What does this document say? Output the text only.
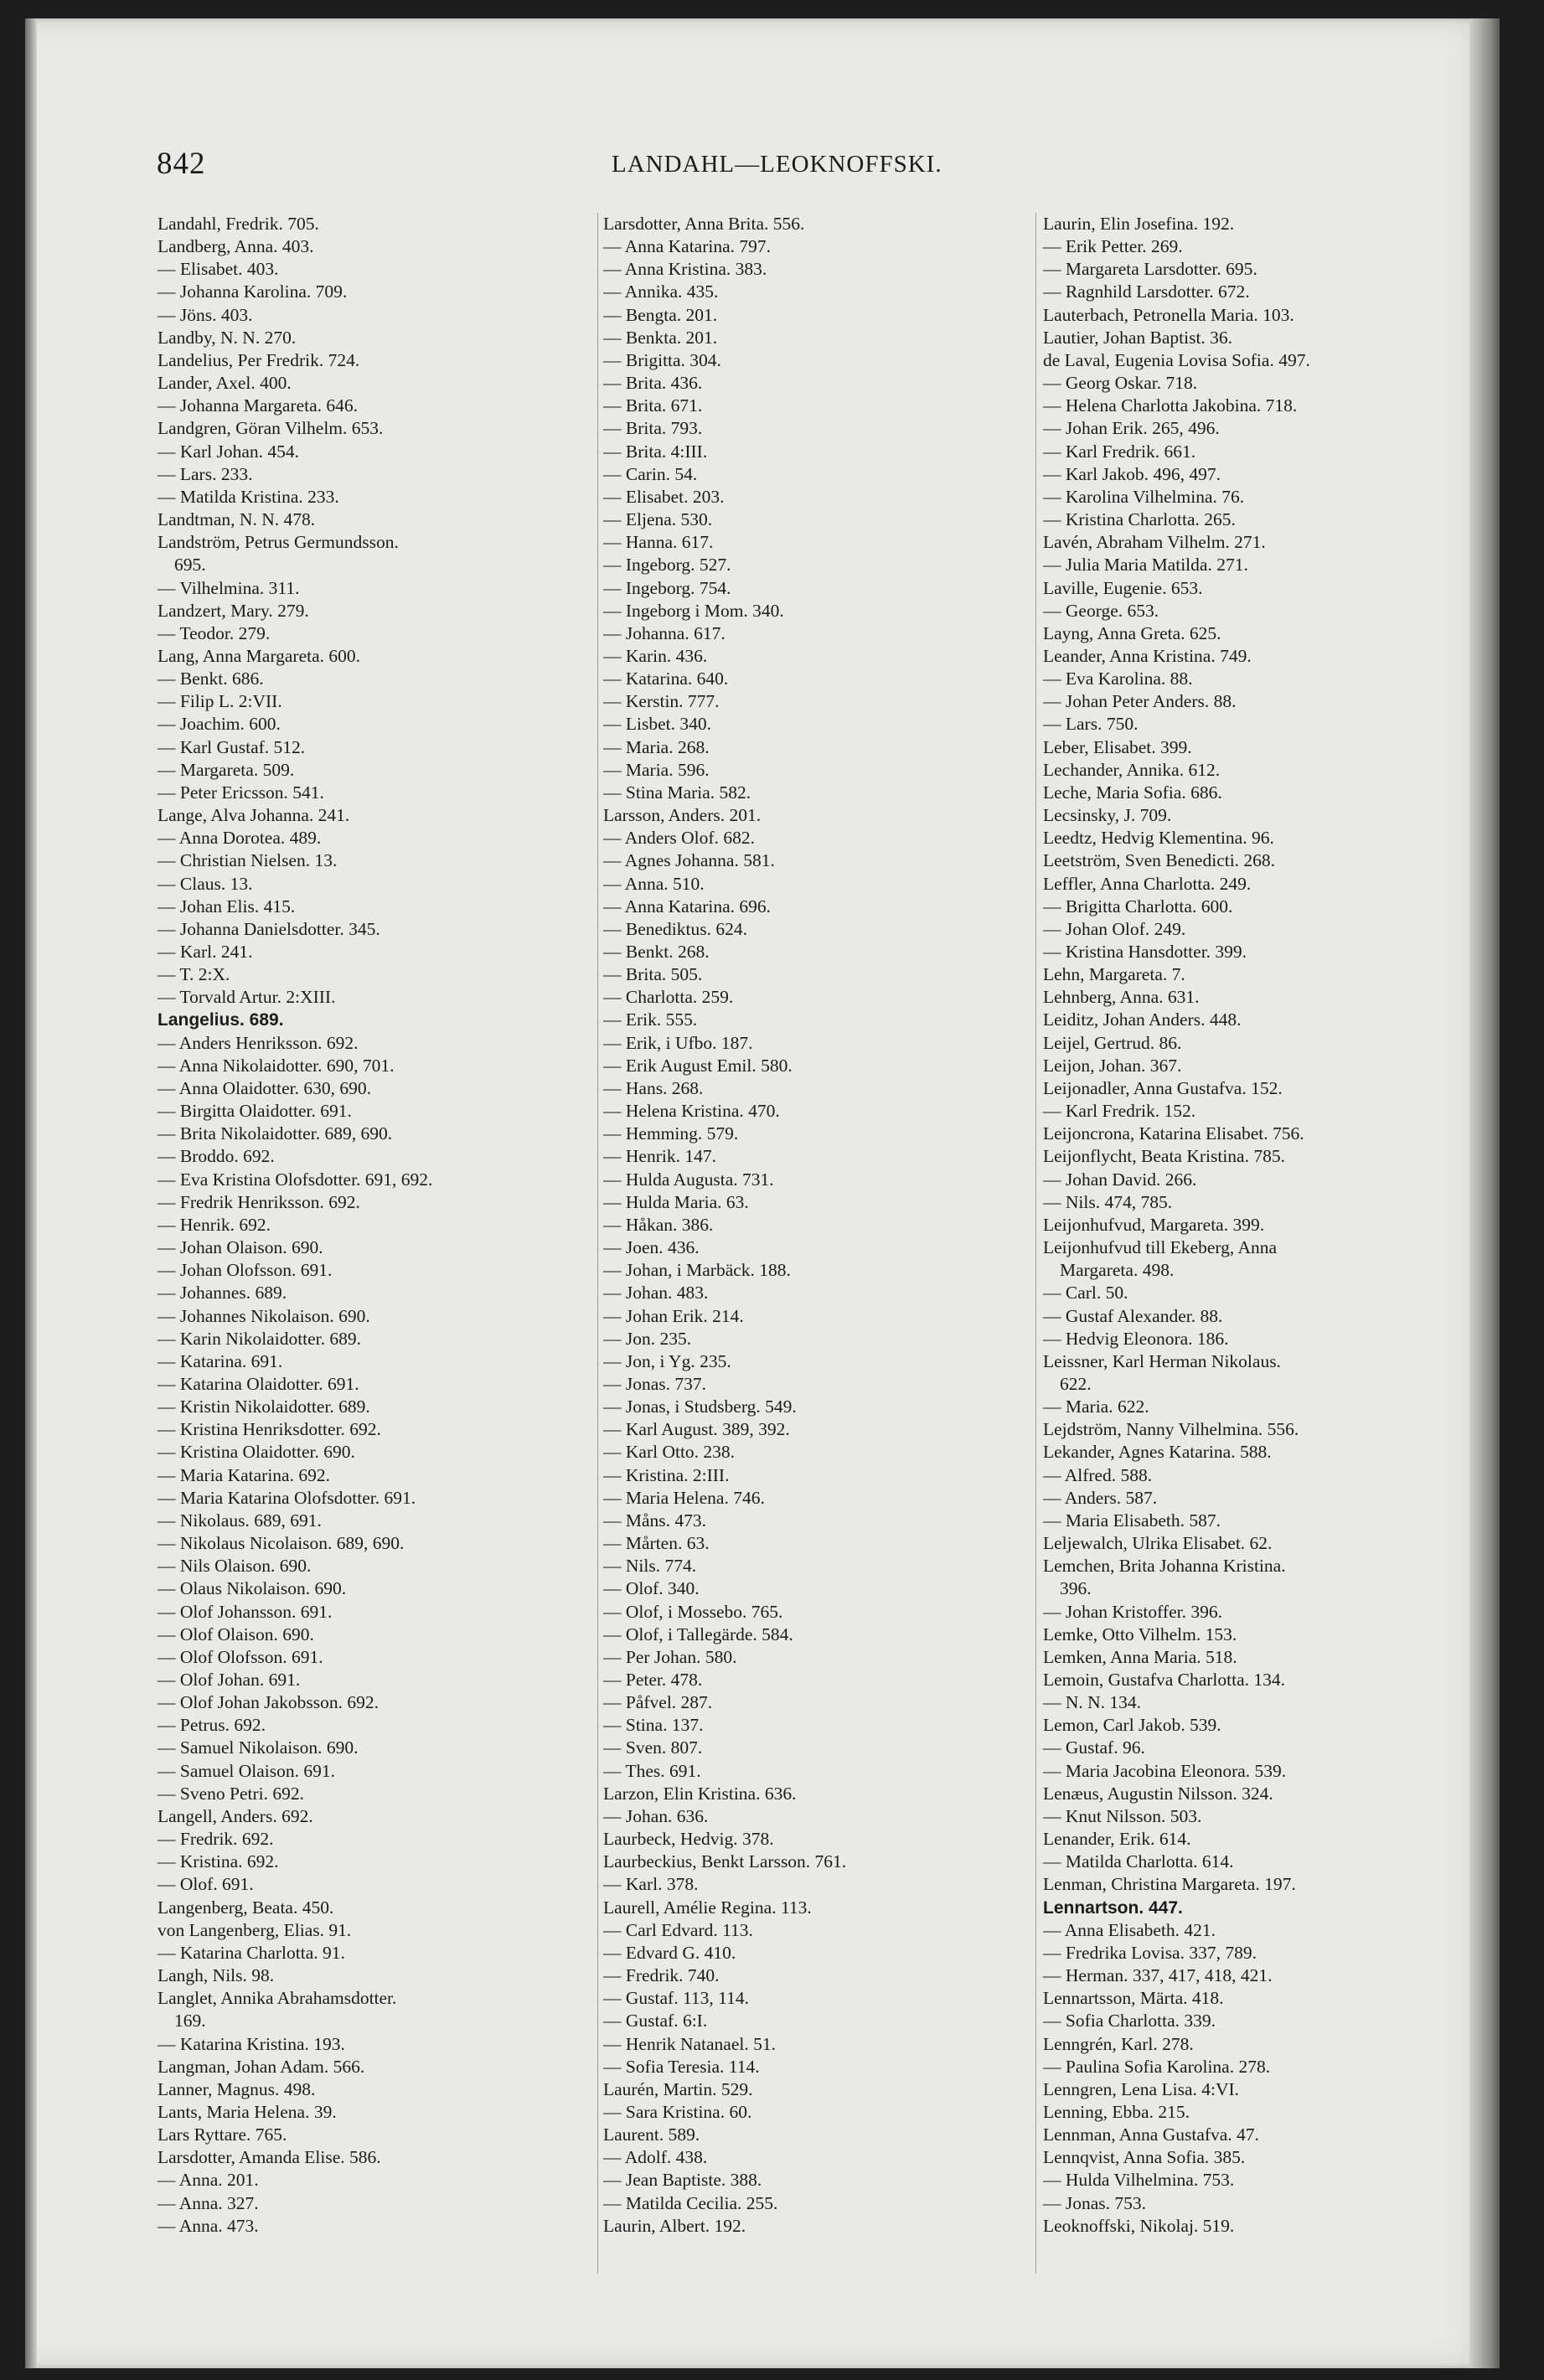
842	LANDAHL—LEOKNOFFSKI.
Landahl, Fredrik. 705.
Landberg, Anna. 403.
— Elisabet. 403.
— Johanna Karolina. 709.
— Jöns. 403.
Landby, N. N. 270.
Landelius, Per Fredrik. 724.
Lander, Axel. 400.
— Johanna Margareta. 646.
Landgren, Göran Vilhelm. 653.
— Karl Johan. 454.
— Lars. 233.
— Matilda Kristina. 233.
Landtman, N. N. 478.
Landström, Petrus Germundsson.
695.
— Vilhelmina. 311.
Landzert, Mary. 279.
— Teodor. 279.
Lang, Anna Margareta. 600.
— Benkt. 686.
— Filip L. 2:VII.
— Joachim. 600.
— Karl Gustaf. 512.
— Margareta. 509.
— Peter Ericsson. 541.
Lange, Alva Johanna. 241.
— Anna Dorotea. 489.
— Christian Nielsen. 13.
— Claus. 13.
— Johan Elis. 415.
— Johanna Danielsdotter. 345.
— Karl. 241.
— T. 2:X.
— Torvald Artur. 2:XIII.
Langelius. 689.
— Anders Henriksson. 692.
— Anna Nikolaidotter. 690, 701.
— Anna Olaidotter. 630, 690.
— Birgitta Olaidotter. 691.
— Brita Nikolaidotter. 689, 690.
— Broddo. 692.
— Eva Kristina Olofsdotter. 691, 692.
— Fredrik Henriksson. 692.
— Henrik. 692.
— Johan Olaison. 690.
— Johan Olofsson. 691.
— Johannes. 689.
— Johannes Nikolaison. 690.
— Karin Nikolaidotter. 689.
— Katarina. 691.
— Katarina Olaidotter. 691.
— Kristin Nikolaidotter. 689.
— Kristina Henriksdotter. 692.
— Kristina Olaidotter. 690.
— Maria Katarina. 692.
— Maria Katarina Olofsdotter. 691.
— Nikolaus. 689, 691.
— Nikolaus Nicolaison. 689, 690.
— Nils Olaison. 690.
— Olaus Nikolaison. 690.
— Olof Johansson. 691.
— Olof Olaison. 690.
— Olof Olofsson. 691.
— Olof Johan. 691.
— Olof Johan Jakobsson. 692.
— Petrus. 692.
— Samuel Nikolaison. 690.
— Samuel Olaison. 691.
— Sveno Petri. 692.
Langell, Anders. 692.
— Fredrik. 692.
— Kristina. 692.
— Olof. 691.
Langenberg, Beata. 450.
von Langenberg, Elias. 91.
— Katarina Charlotta. 91.
Langh, Nils. 98.
Langlet, Annika Abrahamsdotter.
169.
— Katarina Kristina. 193.
Langman, Johan Adam. 566.
Lanner, Magnus. 498.
Lants, Maria Helena. 39.
Lars Ryttare. 765.
Larsdotter, Amanda Elise. 586.
— Anna. 201.
— Anna. 327.
— Anna. 473.
Larsdotter, Anna Brita. 556.
— Anna Katarina. 797.
— Anna Kristina. 383.
— Annika. 435.
— Bengta. 201.
— Benkta. 201.
— Brigitta. 304.
— Brita. 436.
— Brita. 671.
— Brita. 793.
— Brita. 4:III.
— Carin. 54.
— Elisabet. 203.
— Eljena. 530.
— Hanna. 617.
— Ingeborg. 527.
— Ingeborg. 754.
— Ingeborg i Mom. 340.
— Johanna. 617.
— Karin. 436.
— Katarina. 640.
— Kerstin. 777.
— Lisbet. 340.
— Maria. 268.
— Maria. 596.
— Stina Maria. 582.
Larsson, Anders. 201.
— Anders Olof. 682.
— Agnes Johanna. 581.
— Anna. 510.
— Anna Katarina. 696.
— Benediktus. 624.
— Benkt. 268.
— Brita. 505.
— Charlotta. 259.
— Erik. 555.
— Erik, i Ufbo. 187.
— Erik August Emil. 580.
— Hans. 268.
— Helena Kristina. 470.
— Hemming. 579.
— Henrik. 147.
— Hulda Augusta. 731.
— Hulda Maria. 63.
— Håkan. 386.
— Joen. 436.
— Johan, i Marbäck. 188.
— Johan. 483.
— Johan Erik. 214.
— Jon. 235.
— Jon, i Yg. 235.
— Jonas. 737.
— Jonas, i Studsberg. 549.
— Karl August. 389, 392.
— Karl Otto. 238.
— Kristina. 2:III.
— Maria Helena. 746.
— Måns. 473.
— Mårten. 63.
— Nils. 774.
— Olof. 340.
— Olof, i Mossebo. 765.
— Olof, i Tallegärde. 584.
— Per Johan. 580.
— Peter. 478.
— Påfvel. 287.
— Stina. 137.
— Sven. 807.
— Thes. 691.
Larzon, Elin Kristina. 636.
— Johan. 636.
Laurbeck, Hedvig. 378.
Laurbeckius, Benkt Larsson. 761.
— Karl. 378.
Laurell, Amélie Regina. 113.
— Carl Edvard. 113.
— Edvard G. 410.
— Fredrik. 740.
— Gustaf. 113, 114.
— Gustaf. 6:I.
— Henrik Natanael. 51.
— Sofia Teresia. 114.
Laurén, Martin. 529.
— Sara Kristina. 60.
Laurent. 589.
— Adolf. 438.
— Jean Baptiste. 388.
— Matilda Cecilia. 255.
Laurin, Albert. 192.
Laurin, Elin Josefina. 192.
— Erik Petter. 269.
— Margareta Larsdotter. 695.
— Ragnhild Larsdotter. 672.
Lauterbach, Petronella Maria. 103.
Lautier, Johan Baptist. 36.
de Laval, Eugenia Lovisa Sofia. 497.
— Georg Oskar. 718.
— Helena Charlotta Jakobina. 718.
— Johan Erik. 265, 496.
— Karl Fredrik. 661.
— Karl Jakob. 496, 497.
— Karolina Vilhelmina. 76.
— Kristina Charlotta. 265.
Lavén, Abraham Vilhelm. 271.
— Julia Maria Matilda. 271.
Laville, Eugenie. 653.
— George. 653.
Layng, Anna Greta. 625.
Leander, Anna Kristina. 749.
— Eva Karolina. 88.
— Johan Peter Anders. 88.
— Lars. 750.
Leber, Elisabet. 399.
Lechander, Annika. 612.
Leche, Maria Sofia. 686.
Lecsinsky, J. 709.
Leedtz, Hedvig Klementina. 96.
Leetström, Sven Benedicti. 268.
Leffler, Anna Charlotta. 249.
— Brigitta Charlotta. 600.
— Johan Olof. 249.
— Kristina Hansdotter. 399.
Lehn, Margareta. 7.
Lehnberg, Anna. 631.
Leiditz, Johan Anders. 448.
Leijel, Gertrud. 86.
Leijon, Johan. 367.
Leijonadler, Anna Gustafva. 152.
— Karl Fredrik. 152.
Leijoncrona, Katarina Elisabet. 756.
Leijonflycht, Beata Kristina. 785.
— Johan David. 266.
— Nils. 474, 785.
Leijonhufvud, Margareta. 399.
Leijonhufvud till Ekeberg, Anna
Margareta. 498.
— Carl. 50.
— Gustaf Alexander. 88.
— Hedvig Eleonora. 186.
Leissner, Karl Herman Nikolaus.
622.
— Maria. 622.
Lejdström, Nanny Vilhelmina. 556.
Lekander, Agnes Katarina. 588.
— Alfred. 588.
— Anders. 587.
— Maria Elisabeth. 587.
Leljewalch, Ulrika Elisabet. 62.
Lemchen, Brita Johanna Kristina.
396.
— Johan Kristoffer. 396.
Lemke, Otto Vilhelm. 153.
Lemken, Anna Maria. 518.
Lemoin, Gustafva Charlotta. 134.
— N. N. 134.
Lemon, Carl Jakob. 539.
— Gustaf. 96.
— Maria Jacobina Eleonora. 539.
Lenæus, Augustin Nilsson. 324.
— Knut Nilsson. 503.
Lenander, Erik. 614.
— Matilda Charlotta. 614.
Lenman, Christina Margareta. 197.
Lennartson. 447.
— Anna Elisabeth. 421.
— Fredrika Lovisa. 337, 789.
— Herman. 337, 417, 418, 421.
Lennartsson, Märta. 418.
— Sofia Charlotta. 339.
Lenngrén, Karl. 278.
— Paulina Sofia Karolina. 278.
Lenngren, Lena Lisa. 4:VI.
Lenning, Ebba. 215.
Lennman, Anna Gustafva. 47.
Lennqvist, Anna Sofia. 385.
— Hulda Vilhelmina. 753.
— Jonas. 753.
Leoknoffski, Nikolaj. 519.
